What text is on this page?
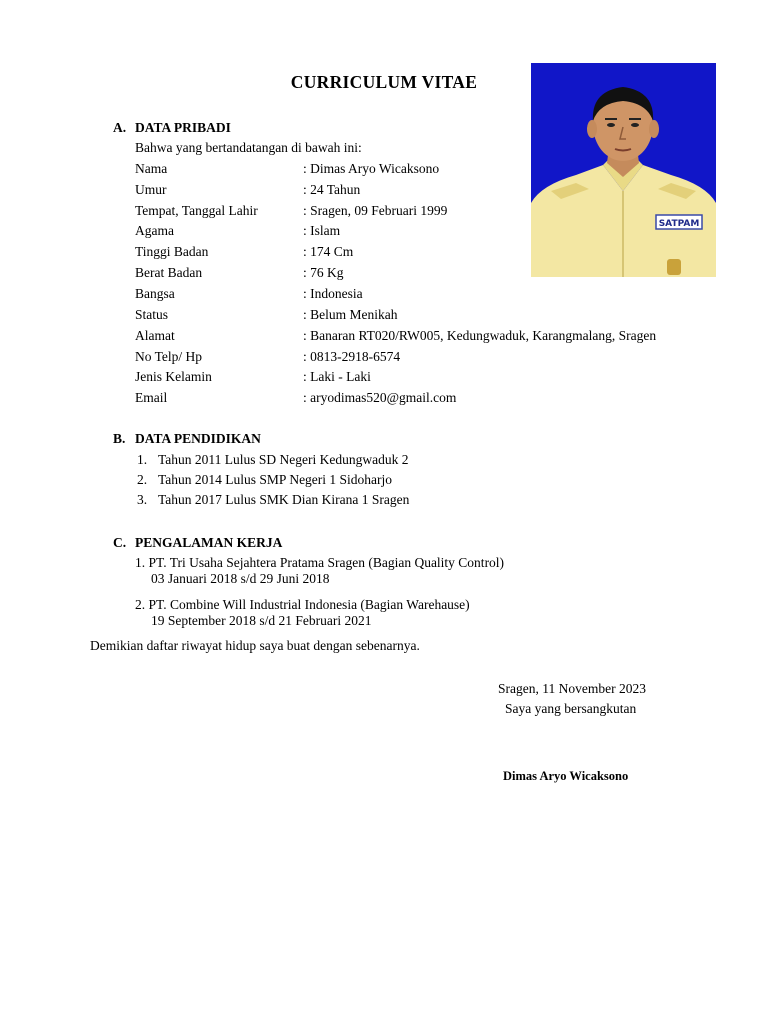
CURRICULUM VITAE
SATPAM
A. DATA PRIBADI
Bahwa yang bertandatangan di bawah ini:
Nama	: Dimas Aryo Wicaksono
Umur	: 24 Tahun
Tempat, Tanggal Lahir	: Sragen, 09 Februari 1999
Agama	: Islam
Tinggi Badan	: 174 Cm
Berat Badan	: 76 Kg
Bangsa	: Indonesia
Status	: Belum Menikah
Alamat	: Banaran RT020/RW005, Kedungwaduk, Karangmalang, Sragen
No Telp/ Hp	: 0813-2918-6574
Jenis Kelamin	: Laki - Laki
Email	: aryodimas520@gmail.com
B. DATA PENDIDIKAN
1. Tahun 2011 Lulus SD Negeri Kedungwaduk 2
2. Tahun 2014 Lulus SMP Negeri 1 Sidoharjo
3. Tahun 2017 Lulus SMK Dian Kirana 1 Sragen
C. PENGALAMAN KERJA
1. PT. Tri Usaha Sejahtera Pratama Sragen (Bagian Quality Control)
03 Januari 2018 s/d 29 Juni 2018
2. PT. Combine Will Industrial Indonesia (Bagian Warehause)
19 September 2018 s/d 21 Februari 2021
Demikian daftar riwayat hidup saya buat dengan sebenarnya.
Sragen, 11 November 2023
Saya yang bersangkutan
Dimas Aryo Wicaksono
